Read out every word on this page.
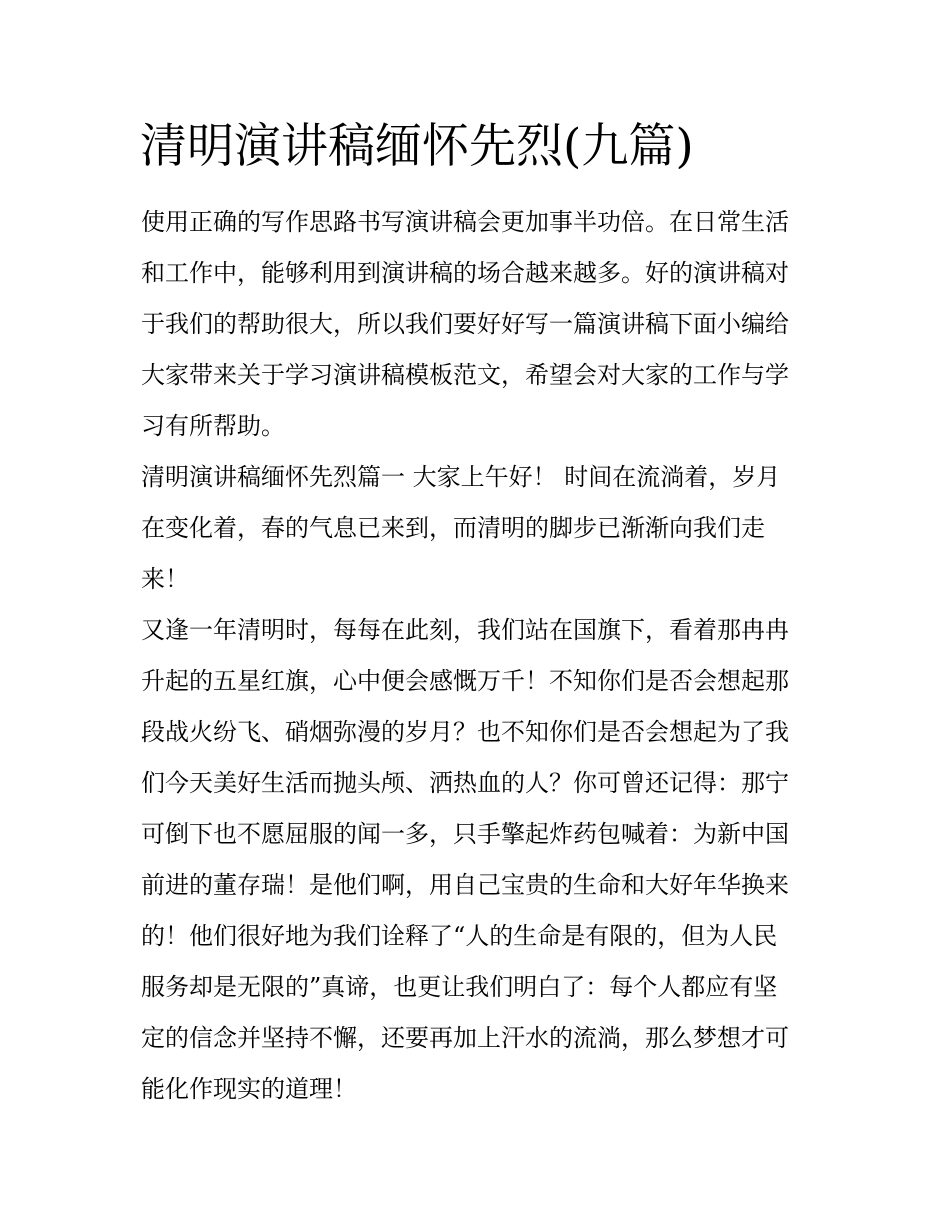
清明演讲稿缅怀先烈(九篇)
使用正确的写作思路书写演讲稿会更加事半功倍。在日常生活
和工作中，能够利用到演讲稿的场合越来越多。好的演讲稿对
于我们的帮助很大，所以我们要好好写一篇演讲稿下面小编给
大家带来关于学习演讲稿模板范文，希望会对大家的工作与学
习有所帮助。
清明演讲稿缅怀先烈篇一 大家上午好！ 时间在流淌着，岁月
在变化着，春的气息已来到，而清明的脚步已渐渐向我们走
来！
又逢一年清明时，每每在此刻，我们站在国旗下，看着那冉冉
升起的五星红旗，心中便会感慨万千！不知你们是否会想起那
段战火纷飞、硝烟弥漫的岁月？也不知你们是否会想起为了我
们今天美好生活而抛头颅、洒热血的人？你可曾还记得：那宁
可倒下也不愿屈服的闻一多，只手擎起炸药包喊着：为新中国
前进的董存瑞！是他们啊，用自己宝贵的生命和大好年华换来
的！他们很好地为我们诠释了“人的生命是有限的，但为人民
服务却是无限的”真谛，也更让我们明白了：每个人都应有坚
定的信念并坚持不懈，还要再加上汗水的流淌，那么梦想才可
能化作现实的道理！
